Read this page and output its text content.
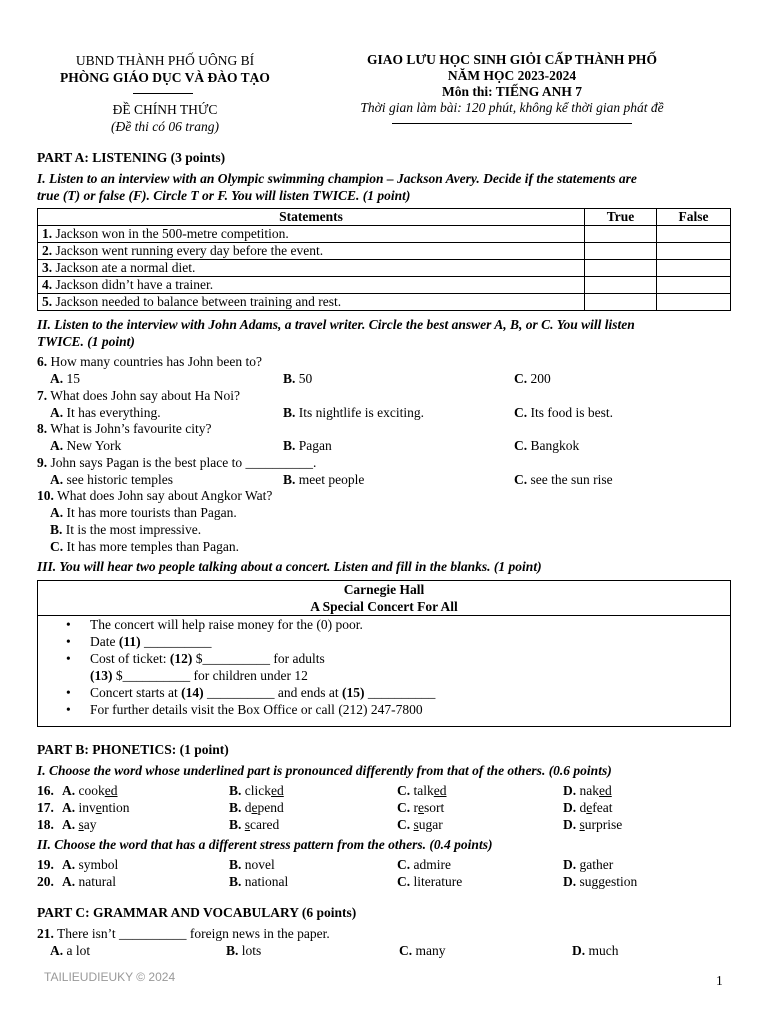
UBND THÀNH PHỐ UÔNG BÍ
PHÒNG GIÁO DỤC VÀ ĐÀO TẠO
ĐỀ CHÍNH THỨC
(Đề thi có 06 trang)
GIAO LƯU HỌC SINH GIỎI CẤP THÀNH PHỐ
NĂM HỌC 2023-2024
Môn thi: TIẾNG ANH 7
Thời gian làm bài: 120 phút, không kể thời gian phát đề
PART A: LISTENING (3 points)
I. Listen to an interview with an Olympic swimming champion – Jackson Avery. Decide if the statements are
true (T) or false (F). Circle T or F. You will listen TWICE. (1 point)
Statements	True	False
1. Jackson won in the 500-metre competition.		
2. Jackson went running every day before the event.		
3. Jackson ate a normal diet.		
4. Jackson didn’t have a trainer.		
5. Jackson needed to balance between training and rest.		
II. Listen to the interview with John Adams, a travel writer. Circle the best answer A, B, or C. You will listen
TWICE. (1 point)
6. How many countries has John been to?
A. 15	B. 50	C. 200
7. What does John say about Ha Noi?
A. It has everything.	B. Its nightlife is exciting.	C. Its food is best.
8. What is John’s favourite city?
A. New York	B. Pagan	C. Bangkok
9. John says Pagan is the best place to __________.
A. see historic temples	B. meet people	C. see the sun rise
10. What does John say about Angkor Wat?
A. It has more tourists than Pagan.
B. It is the most impressive.
C. It has more temples than Pagan.
III. You will hear two people talking about a concert. Listen and fill in the blanks. (1 point)
Carnegie Hall
A Special Concert For All
• The concert will help raise money for the (0) poor.
• Date (11) __________
• Cost of ticket: (12) $__________ for adults
(13) $__________ for children under 12
• Concert starts at (14) __________ and ends at (15) __________
• For further details visit the Box Office or call (212) 247-7800
PART B: PHONETICS: (1 point)
I. Choose the word whose underlined part is pronounced differently from that of the others. (0.6 points)
16. A. cooked	B. clicked	C. talked	D. naked
17. A. invention	B. depend	C. resort	D. defeat
18. A. say	B. scared	C. sugar	D. surprise
II. Choose the word that has a different stress pattern from the others. (0.4 points)
19. A. symbol	B. novel	C. admire	D. gather
20. A. natural	B. national	C. literature	D. suggestion
PART C: GRAMMAR AND VOCABULARY (6 points)
21. There isn’t __________ foreign news in the paper.
A. a lot	B. lots	C. many	D. much
TAILIEUDIEUKY © 2024	1
